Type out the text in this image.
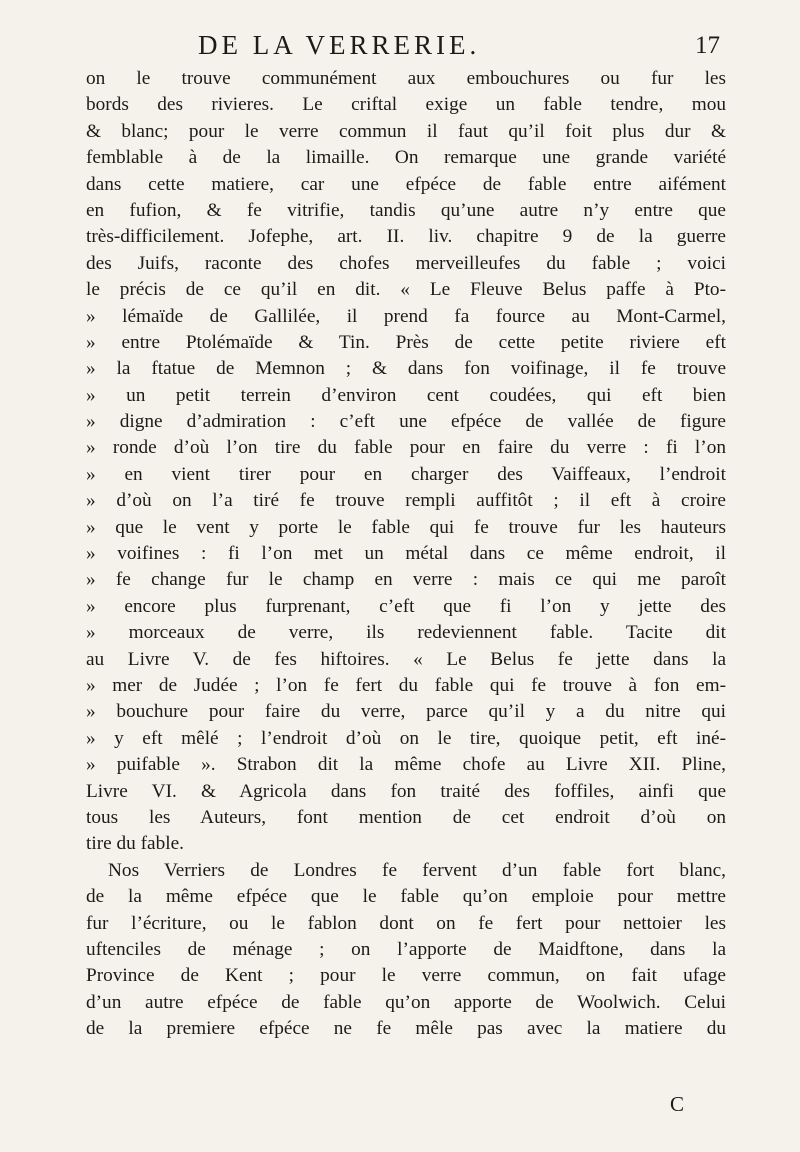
DE LA VERRERIE.	17
on le trouve communément aux embouchures ou fur les
bords des rivieres. Le criftal exige un fable tendre, mou
& blanc; pour le verre commun il faut qu’il foit plus dur &
femblable à de la limaille. On remarque une grande variété
dans cette matiere, car une efpéce de fable entre aifément
en fufion, & fe vitrifie, tandis qu’une autre n’y entre que
très-difficilement. Jofephe, art. II. liv. chapitre 9 de la guerre
des Juifs, raconte des chofes merveilleufes du fable ; voici
le précis de ce qu’il en dit. « Le Fleuve Belus paffe à Pto-
» lémaïde de Gallilée, il prend fa fource au Mont-Carmel,
» entre Ptolémaïde & Tin. Près de cette petite riviere eft
» la ftatue de Memnon ; & dans fon voifinage, il fe trouve
» un petit terrein d’environ cent coudées, qui eft bien
» digne d’admiration : c’eft une efpéce de vallée de figure
» ronde d’où l’on tire du fable pour en faire du verre : fi l’on
» en vient tirer pour en charger des Vaiffeaux, l’endroit
» d’où on l’a tiré fe trouve rempli auffitôt ; il eft à croire
» que le vent y porte le fable qui fe trouve fur les hauteurs
» voifines : fi l’on met un métal dans ce même endroit, il
» fe change fur le champ en verre : mais ce qui me paroît
» encore plus furprenant, c’eft que fi l’on y jette des
» morceaux de verre, ils redeviennent fable. Tacite dit
au Livre V. de fes hiftoires. « Le Belus fe jette dans la
» mer de Judée ; l’on fe fert du fable qui fe trouve à fon em-
» bouchure pour faire du verre, parce qu’il y a du nitre qui
» y eft mêlé ; l’endroit d’où on le tire, quoique petit, eft iné-
» puifable ». Strabon dit la même chofe au Livre XII. Pline,
Livre VI. & Agricola dans fon traité des foffiles, ainfi que
tous les Auteurs, font mention de cet endroit d’où on
tire du fable.
Nos Verriers de Londres fe fervent d’un fable fort blanc,
de la même efpéce que le fable qu’on emploie pour mettre
fur l’écriture, ou le fablon dont on fe fert pour nettoier les
uftenciles de ménage ; on l’apporte de Maidftone, dans la
Province de Kent ; pour le verre commun, on fait ufage
d’un autre efpéce de fable qu’on apporte de Woolwich. Celui
de la premiere efpéce ne fe mêle pas avec la matiere du
C
